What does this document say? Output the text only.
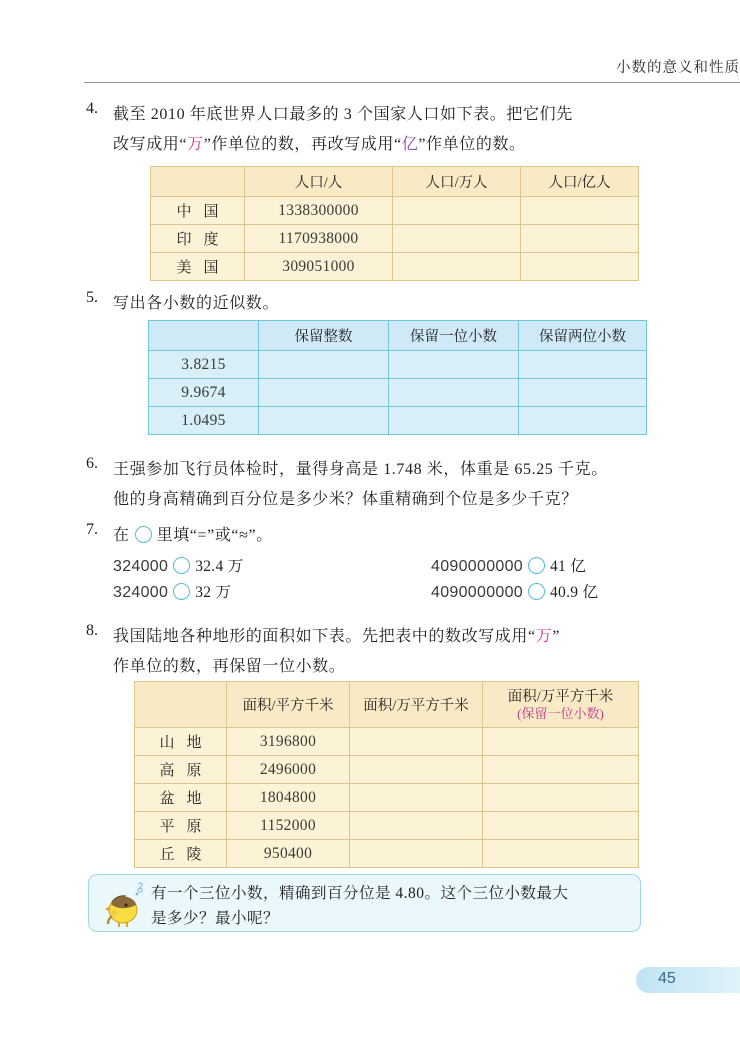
小数的意义和性质
4. 截至 2010 年底世界人口最多的 3 个国家人口如下表。把它们先
改写成用“万”作单位的数，再改写成用“亿”作单位的数。
	人口/人	人口/万人	人口/亿人
中国	1338300000		
印度	1170938000		
美国	309051000		
5. 写出各小数的近似数。
	保留整数	保留一位小数	保留两位小数
3.8215			
9.9674			
1.0495			
6. 王强参加飞行员体检时，量得身高是 1.748 米，体重是 65.25 千克。
他的身高精确到百分位是多少米？体重精确到个位是多少千克？
7. 在 里填“=”或“≈”。
324000 32.4 万	4090000000 41 亿
324000 32 万	4090000000 40.9 亿
8. 我国陆地各种地形的面积如下表。先把表中的数改写成用“万”
作单位的数，再保留一位小数。
	面积/平方千米	面积/万平方千米	面积/万平方千米
(保留一位小数)

山地	3196800		
高原	2496000		
盆地	1804800		
平原	1152000		
丘陵	950400		
? 有一个三位小数，精确到百分位是 4.80。这个三位小数最大
是多少？最小呢？
45
